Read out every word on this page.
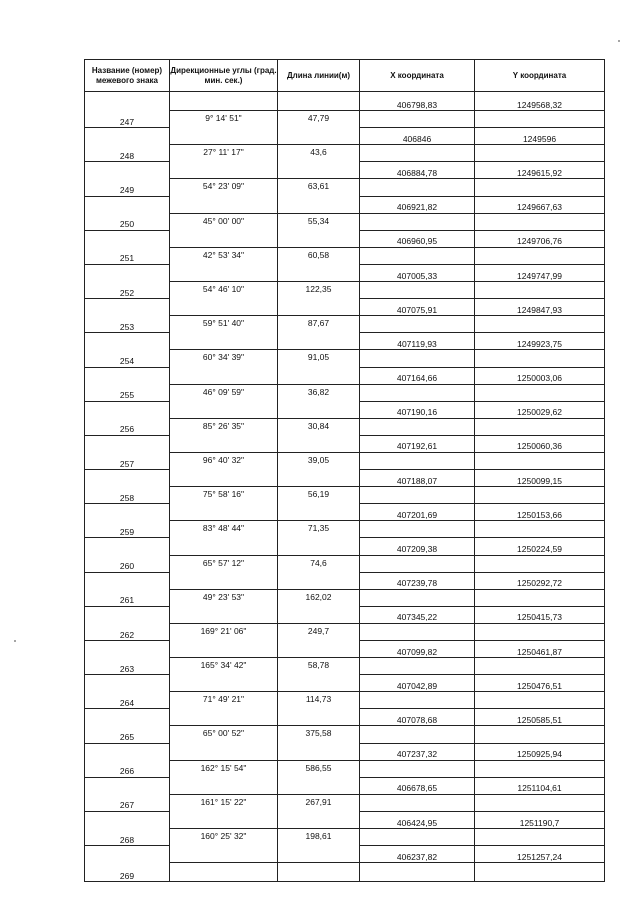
Название (номер) межевого знака	Дирекционные углы (град. мин. сек.)	Длина линии(м)	X координата	Y координата
247			406798,83	1249568,32
	9° 14' 51"	47,79		
248			406846	1249596
	27° 11' 17"	43,6		
249			406884,78	1249615,92
	54° 23' 09"	63,61		
250			406921,82	1249667,63
	45° 00' 00"	55,34		
251			406960,95	1249706,76
	42° 53' 34"	60,58		
252			407005,33	1249747,99
	54° 46' 10"	122,35		
253			407075,91	1249847,93
	59° 51' 40"	87,67		
254			407119,93	1249923,75
	60° 34' 39"	91,05		
255			407164,66	1250003,06
	46° 09' 59"	36,82		
256			407190,16	1250029,62
	85° 26' 35"	30,84		
257			407192,61	1250060,36
	96° 40' 32"	39,05		
258			407188,07	1250099,15
	75° 58' 16"	56,19		
259			407201,69	1250153,66
	83° 48' 44"	71,35		
260			407209,38	1250224,59
	65° 57' 12"	74,6		
261			407239,78	1250292,72
	49° 23' 53"	162,02		
262			407345,22	1250415,73
	169° 21' 06"	249,7		
263			407099,82	1250461,87
	165° 34' 42"	58,78		
264			407042,89	1250476,51
	71° 49' 21"	114,73		
265			407078,68	1250585,51
	65° 00' 52"	375,58		
266			407237,32	1250925,94
	162° 15' 54"	586,55		
267			406678,65	1251104,61
	161° 15' 22"	267,91		
268			406424,95	1251190,7
	160° 25' 32"	198,61		
269			406237,82	1251257,24
